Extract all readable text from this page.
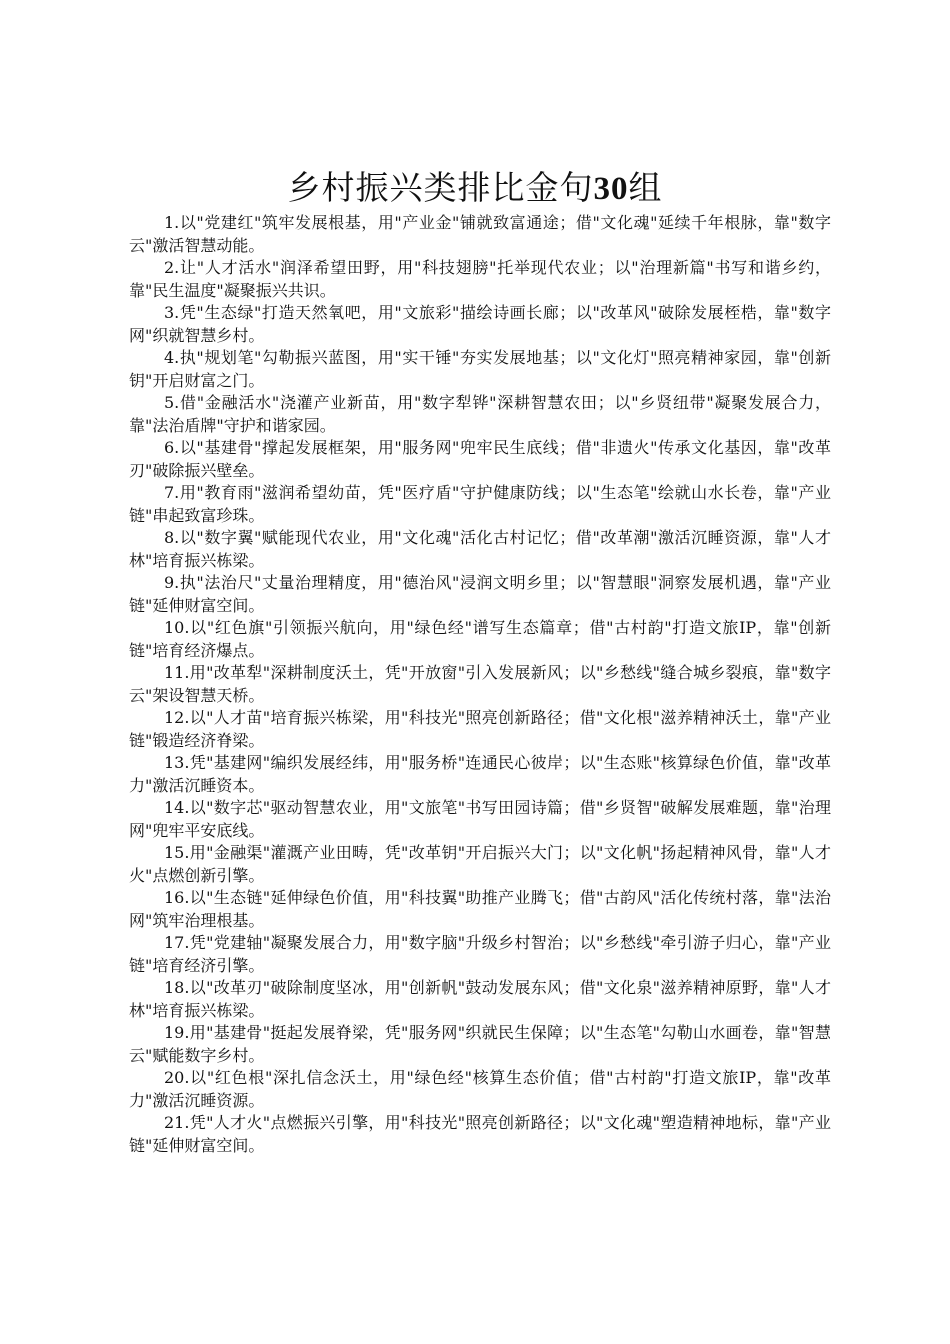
乡村振兴类排比金句30组
1.以"党建红"筑牢发展根基，用"产业金"铺就致富通途；借"文化魂"延续千年根脉，靠"数字云"激活智慧动能。
2.让"人才活水"润泽希望田野，用"科技翅膀"托举现代农业；以"治理新篇"书写和谐乡约，靠"民生温度"凝聚振兴共识。
3.凭"生态绿"打造天然氧吧，用"文旅彩"描绘诗画长廊；以"改革风"破除发展桎梏，靠"数字网"织就智慧乡村。
4.执"规划笔"勾勒振兴蓝图，用"实干锤"夯实发展地基；以"文化灯"照亮精神家园，靠"创新钥"开启财富之门。
5.借"金融活水"浇灌产业新苗，用"数字犁铧"深耕智慧农田；以"乡贤纽带"凝聚发展合力，靠"法治盾牌"守护和谐家园。
6.以"基建骨"撑起发展框架，用"服务网"兜牢民生底线；借"非遗火"传承文化基因，靠"改革刃"破除振兴壁垒。
7.用"教育雨"滋润希望幼苗，凭"医疗盾"守护健康防线；以"生态笔"绘就山水长卷，靠"产业链"串起致富珍珠。
8.以"数字翼"赋能现代农业，用"文化魂"活化古村记忆；借"改革潮"激活沉睡资源，靠"人才林"培育振兴栋梁。
9.执"法治尺"丈量治理精度，用"德治风"浸润文明乡里；以"智慧眼"洞察发展机遇，靠"产业链"延伸财富空间。
10.以"红色旗"引领振兴航向，用"绿色经"谱写生态篇章；借"古村韵"打造文旅IP，靠"创新链"培育经济爆点。
11.用"改革犁"深耕制度沃土，凭"开放窗"引入发展新风；以"乡愁线"缝合城乡裂痕，靠"数字云"架设智慧天桥。
12.以"人才苗"培育振兴栋梁，用"科技光"照亮创新路径；借"文化根"滋养精神沃土，靠"产业链"锻造经济脊梁。
13.凭"基建网"编织发展经纬，用"服务桥"连通民心彼岸；以"生态账"核算绿色价值，靠"改革力"激活沉睡资本。
14.以"数字芯"驱动智慧农业，用"文旅笔"书写田园诗篇；借"乡贤智"破解发展难题，靠"治理网"兜牢平安底线。
15.用"金融渠"灌溉产业田畴，凭"改革钥"开启振兴大门；以"文化帆"扬起精神风骨，靠"人才火"点燃创新引擎。
16.以"生态链"延伸绿色价值，用"科技翼"助推产业腾飞；借"古韵风"活化传统村落，靠"法治网"筑牢治理根基。
17.凭"党建轴"凝聚发展合力，用"数字脑"升级乡村智治；以"乡愁线"牵引游子归心，靠"产业链"培育经济引擎。
18.以"改革刃"破除制度坚冰，用"创新帆"鼓动发展东风；借"文化泉"滋养精神原野，靠"人才林"培育振兴栋梁。
19.用"基建骨"挺起发展脊梁，凭"服务网"织就民生保障；以"生态笔"勾勒山水画卷，靠"智慧云"赋能数字乡村。
20.以"红色根"深扎信念沃土，用"绿色经"核算生态价值；借"古村韵"打造文旅IP，靠"改革力"激活沉睡资源。
21.凭"人才火"点燃振兴引擎，用"科技光"照亮创新路径；以"文化魂"塑造精神地标，靠"产业链"延伸财富空间。
